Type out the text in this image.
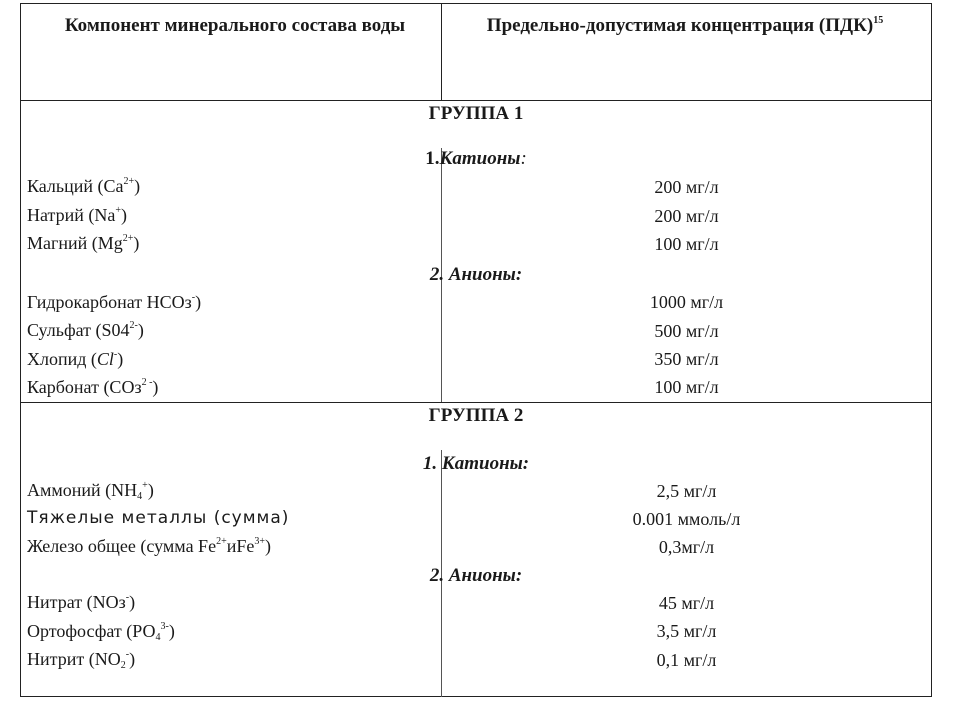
Компонент минерального состава воды	Предельно-допустимая концентрация (ПДК)$^{15}$
ГРУППА 1
1.Катионы:
Кальций $(Ca^{2+})$	200 мг/л
Натрий (Na+)	200 мг/л
Магний $(Mg^{2+})$	100 мг/л
2. Анионы:
Гидрокарбонат НСОз-)	1000 мг/л
Сульфат $(S04^{2-})$	500 мг/л
Хлопид (Cl-)	350 мг/л
Карбонат (СОз$^{2 -}$)	100 мг/л
ГРУППА 2
1. Катионы:
Аммоний $(NH_4^+)$	2,5 мг/л
Тяжелые металлы (сумма)	0.001 ммоль/л
Железо общее (сумма $Fe^{2+}иFe^{3+}$)	0,3мг/л
2. Анионы:
Нитрат (NOз-)	45 мг/л
Ортофосфат $(РО_4^{3-})$	3,5 мг/л
Нитрит $(NO_2^-)$	0,1 мг/л
